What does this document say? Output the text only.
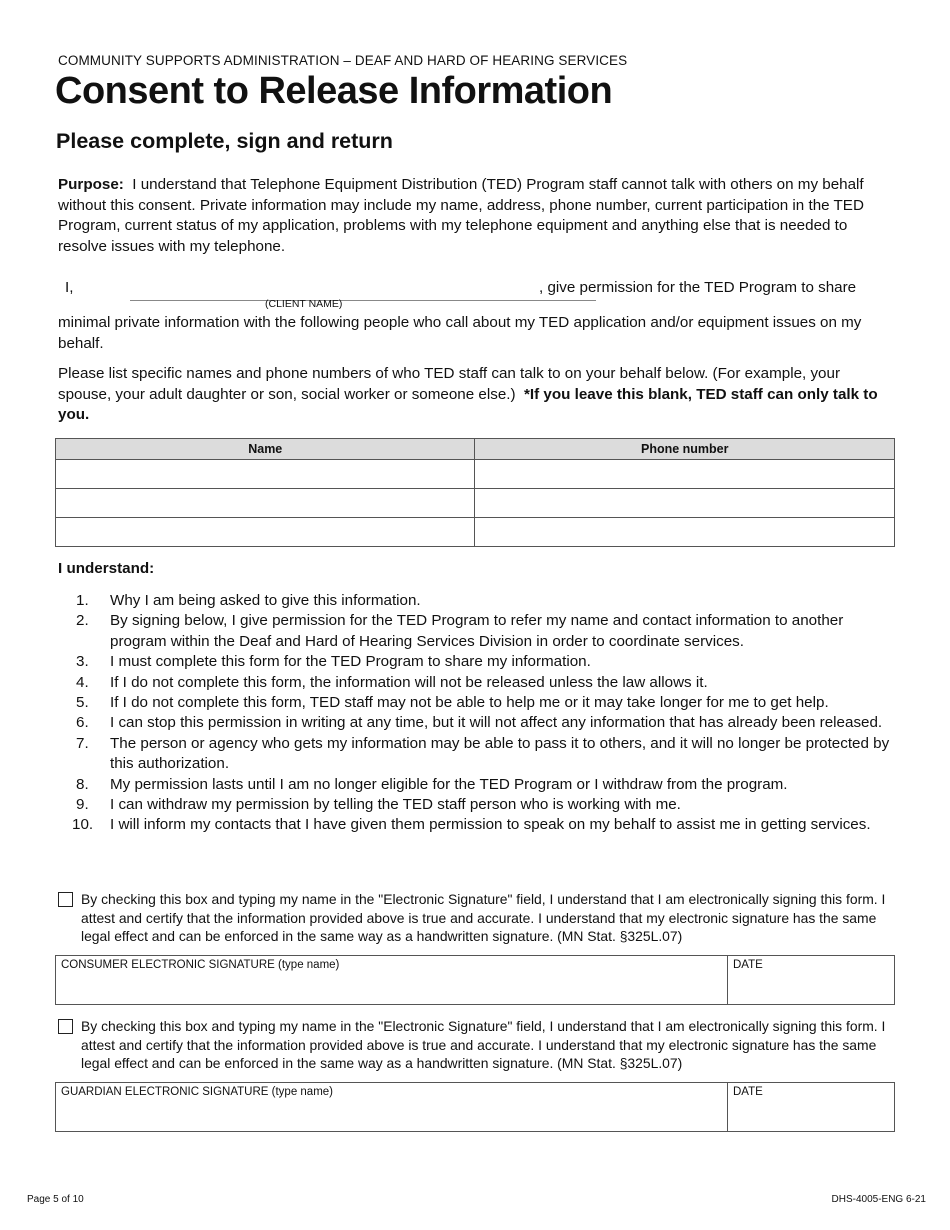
COMMUNITY SUPPORTS ADMINISTRATION – DEAF AND HARD OF HEARING SERVICES
Consent to Release Information
Please complete, sign and return

Purpose: I understand that Telephone Equipment Distribution (TED) Program staff cannot talk with others on my behalf without this consent. Private information may include my name, address, phone number, current participation in the TED Program, current status of my application, problems with my telephone equipment and anything else that is needed to resolve issues with my telephone.

I,	, give permission for the TED Program to share
(CLIENT NAME)

minimal private information with the following people who call about my TED application and/or equipment issues on my behalf.

Please list specific names and phone numbers of who TED staff can talk to on your behalf below. (For example, your spouse, your adult daughter or son, social worker or someone else.) *If you leave this blank, TED staff can only talk to you.

Name	Phone number

I understand:
1. Why I am being asked to give this information.
2. By signing below, I give permission for the TED Program to refer my name and contact information to another program within the Deaf and Hard of Hearing Services Division in order to coordinate services.
3. I must complete this form for the TED Program to share my information.
4. If I do not complete this form, the information will not be released unless the law allows it.
5. If I do not complete this form, TED staff may not be able to help me or it may take longer for me to get help.
6. I can stop this permission in writing at any time, but it will not affect any information that has already been released.
7. The person or agency who gets my information may be able to pass it to others, and it will no longer be protected by this authorization.
8. My permission lasts until I am no longer eligible for the TED Program or I withdraw from the program.
9. I can withdraw my permission by telling the TED staff person who is working with me.
10. I will inform my contacts that I have given them permission to speak on my behalf to assist me in getting services.
By checking this box and typing my name in the "Electronic Signature" field, I understand that I am electronically signing this form. I attest and certify that the information provided above is true and accurate. I understand that my electronic signature has the same legal effect and can be enforced in the same way as a handwritten signature. (MN Stat. §325L.07)
CONSUMER ELECTRONIC SIGNATURE (type name)	DATE
By checking this box and typing my name in the "Electronic Signature" field, I understand that I am electronically signing this form. I attest and certify that the information provided above is true and accurate. I understand that my electronic signature has the same legal effect and can be enforced in the same way as a handwritten signature. (MN Stat. §325L.07)
GUARDIAN ELECTRONIC SIGNATURE (type name)	DATE
Page 5 of 10	DHS-4005-ENG 6-21
